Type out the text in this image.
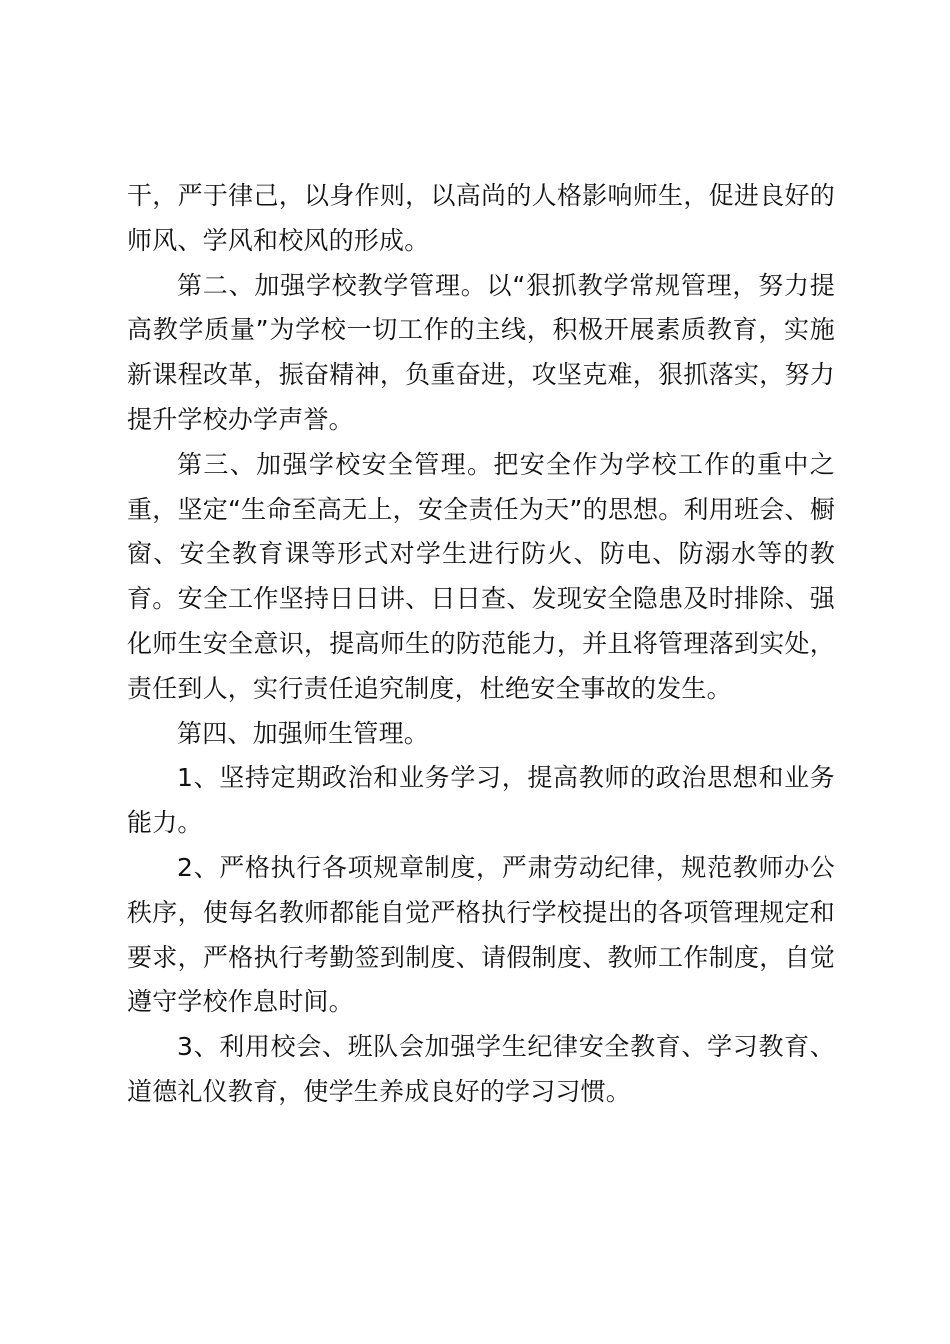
干，严于律己，以身作则，以高尚的人格影响师生，促进良好的师风、学风和校风的形成。

第二、加强学校教学管理。以“狠抓教学常规管理，努力提高教学质量”为学校一切工作的主线，积极开展素质教育，实施新课程改革，振奋精神，负重奋进，攻坚克难，狠抓落实，努力提升学校办学声誉。

第三、加强学校安全管理。把安全作为学校工作的重中之重，坚定“生命至高无上，安全责任为天”的思想。利用班会、橱窗、安全教育课等形式对学生进行防火、防电、防溺水等的教育。安全工作坚持日日讲、日日查、发现安全隐患及时排除、强化师生安全意识，提高师生的防范能力，并且将管理落到实处，责任到人，实行责任追究制度，杜绝安全事故的发生。

第四、加强师生管理。

1、坚持定期政治和业务学习，提高教师的政治思想和业务能力。

2、严格执行各项规章制度，严肃劳动纪律，规范教师办公秩序，使每名教师都能自觉严格执行学校提出的各项管理规定和要求，严格执行考勤签到制度、请假制度、教师工作制度，自觉遵守学校作息时间。

3、利用校会、班队会加强学生纪律安全教育、学习教育、道德礼仪教育，使学生养成良好的学习习惯。
